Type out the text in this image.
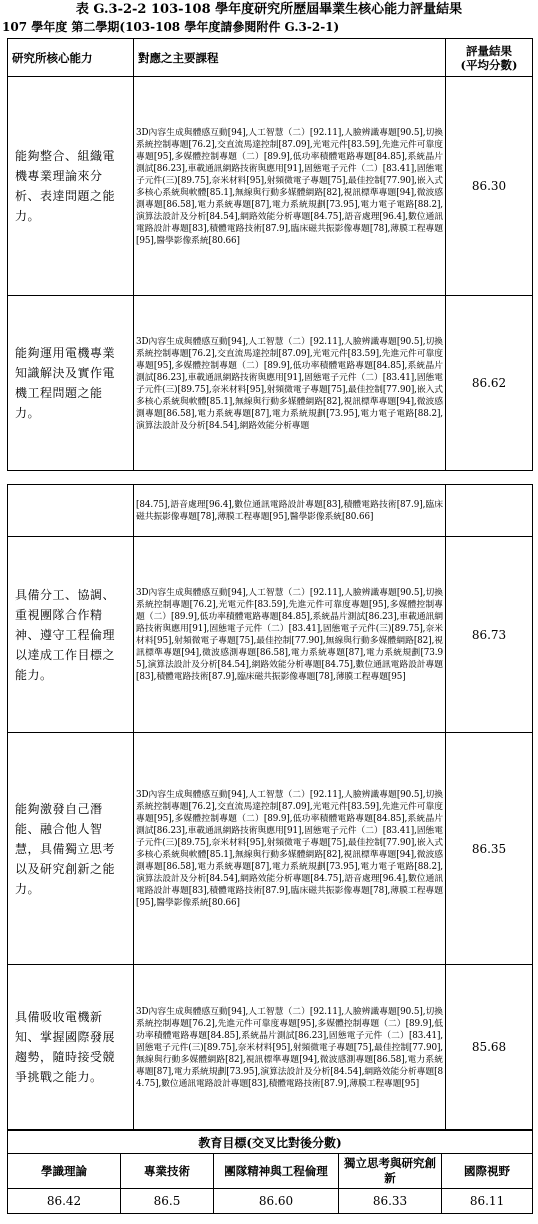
表 G.3-2-2 103-108 學年度研究所歷屆畢業生核心能力評量結果
107 學年度 第二學期(103-108 學年度請參閱附件 G.3-2-1)
研究所核心能力	對應之主要課程	評量結果
(平均分數)

能夠整合、組織電機專業理論來分析、表達問題之能力。	3D內容生成與體感互動[94],人工智慧（二）[92.11],人臉辨識專題[90.5],切換系統控制專題[76.2],交直流馬達控制[87.09],光電元件[83.59],先進元件可靠度專題[95],多媒體控制專題（二）[89.9],低功率積體電路專題[84.85],系統晶片測試[86.23],車載通訊網路技術與應用[91],固態電子元件（二）[83.41],固態電子元件(三)[89.75],奈米材料[95],射頻微電子專題[75],最佳控制[77.90],嵌入式多核心系統與軟體[85.1],無線與行動多媒體網路[82],視訊標準專題[94],微波感測專題[86.58],電力系統專題[87],電力系統規劃[73.95],電力電子電路[88.2],演算法設計及分析[84.54],網路效能分析專題[84.75],語音處理[96.4],數位通訊電路設計專題[83],積體電路技術[87.9],臨床磁共振影像專題[78],薄膜工程專題[95],醫學影像系統[80.66]	86.30
能夠運用電機專業知識解決及實作電機工程問題之能力。	3D內容生成與體感互動[94],人工智慧（二）[92.11],人臉辨識專題[90.5],切換系統控制專題[76.2],交直流馬達控制[87.09],光電元件[83.59],先進元件可靠度專題[95],多媒體控制專題（二）[89.9],低功率積體電路專題[84.85],系統晶片測試[86.23],車載通訊網路技術與應用[91],固態電子元件（二）[83.41],固態電子元件(三)[89.75],奈米材料[95],射頻微電子專題[75],最佳控制[77.90],嵌入式多核心系統與軟體[85.1],無線與行動多媒體網路[82],視訊標準專題[94],微波感測專題[86.58],電力系統專題[87],電力系統規劃[73.95],電力電子電路[88.2],演算法設計及分析[84.54],網路效能分析專題	86.62
	[84.75],語音處理[96.4],數位通訊電路設計專題[83],積體電路技術[87.9],臨床磁共振影像專題[78],薄膜工程專題[95],醫學影像系統[80.66]	
具備分工、協調、重視團隊合作精神、遵守工程倫理以達成工作目標之能力。	3D內容生成與體感互動[94],人工智慧（二）[92.11],人臉辨識專題[90.5],切換系統控制專題[76.2],光電元件[83.59],先進元件可靠度專題[95],多媒體控制專題（二）[89.9],低功率積體電路專題[84.85],系統晶片測試[86.23],車載通訊網路技術與應用[91],固態電子元件（二）[83.41],固態電子元件(三)[89.75],奈米材料[95],射頻微電子專題[75],最佳控制[77.90],無線與行動多媒體網路[82],視訊標準專題[94],微波感測專題[86.58],電力系統專題[87],電力系統規劃[73.95],演算法設計及分析[84.54],網路效能分析專題[84.75],數位通訊電路設計專題[83],積體電路技術[87.9],臨床磁共振影像專題[78],薄膜工程專題[95]	86.73
能夠激發自己潛能、融合他人智慧，具備獨立思考以及研究創新之能力。	3D內容生成與體感互動[94],人工智慧（二）[92.11],人臉辨識專題[90.5],切換系統控制專題[76.2],交直流馬達控制[87.09],光電元件[83.59],先進元件可靠度專題[95],多媒體控制專題（二）[89.9],低功率積體電路專題[84.85],系統晶片測試[86.23],車載通訊網路技術與應用[91],固態電子元件（二）[83.41],固態電子元件(三)[89.75],奈米材料[95],射頻微電子專題[75],最佳控制[77.90],嵌入式多核心系統與軟體[85.1],無線與行動多媒體網路[82],視訊標準專題[94],微波感測專題[86.58],電力系統專題[87],電力系統規劃[73.95],電力電子電路[88.2],演算法設計及分析[84.54],網路效能分析專題[84.75],語音處理[96.4],數位通訊電路設計專題[83],積體電路技術[87.9],臨床磁共振影像專題[78],薄膜工程專題[95],醫學影像系統[80.66]	86.35
具備吸收電機新知、掌握國際發展趨勢，隨時接受競爭挑戰之能力。	3D內容生成與體感互動[94],人工智慧（二）[92.11],人臉辨識專題[90.5],切換系統控制專題[76.2],先進元件可靠度專題[95],多媒體控制專題（二）[89.9],低功率積體電路專題[84.85],系統晶片測試[86.23],固態電子元件（二）[83.41],固態電子元件(三)[89.75],奈米材料[95],射頻微電子專題[75],最佳控制[77.90],無線與行動多媒體網路[82],視訊標準專題[94],微波感測專題[86.58],電力系統專題[87],電力系統規劃[73.95],演算法設計及分析[84.54],網路效能分析專題[84.75],數位通訊電路設計專題[83],積體電路技術[87.9],薄膜工程專題[95]	85.68
教育目標(交叉比對後分數)				
學識理論	專業技術	團隊精神與工程倫理	獨立思考與研究創新	國際視野
86.42	86.5	86.60	86.33	86.11
